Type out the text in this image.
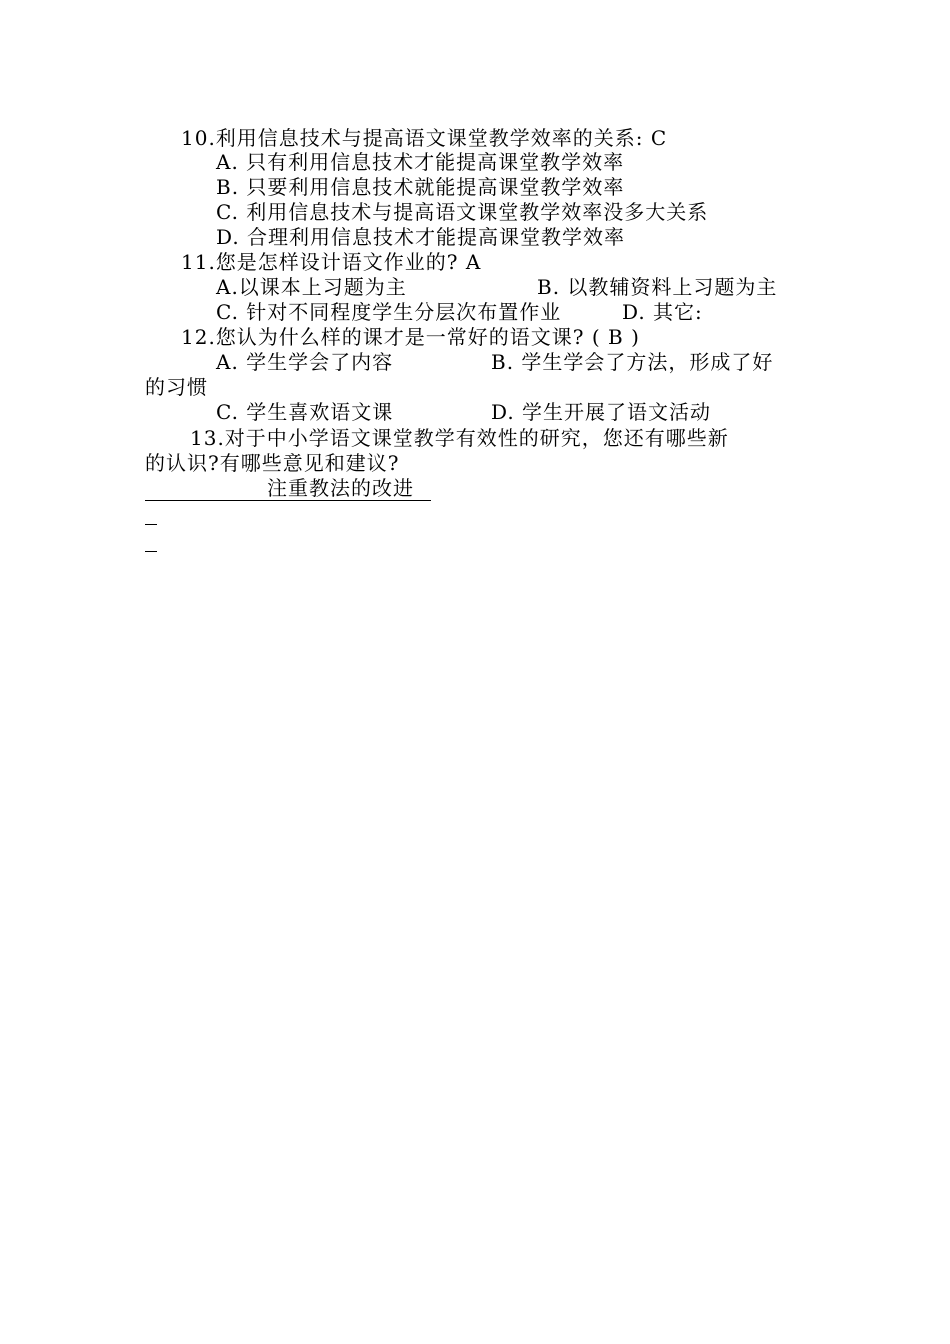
10.利用信息技术与提高语文课堂教学效率的关系: C
A. 只有利用信息技术才能提高课堂教学效率
B. 只要利用信息技术就能提高课堂教学效率
C. 利用信息技术与提高语文课堂教学效率没多大关系
D. 合理利用信息技术才能提高课堂教学效率
11.您是怎样设计语文作业的? A
A.以课本上习题为主	B. 以教辅资料上习题为主
C. 针对不同程度学生分层次布置作业	D. 其它:
12.您认为什么样的课才是一常好的语文课? ( B )
A. 学生学会了内容	B. 学生学会了方法，形成了好
的习惯
C. 学生喜欢语文课	D. 学生开展了语文活动
13.对于中小学语文课堂教学有效性的研究，您还有哪些新
的认识?有哪些意见和建议?
注重教法的改进
